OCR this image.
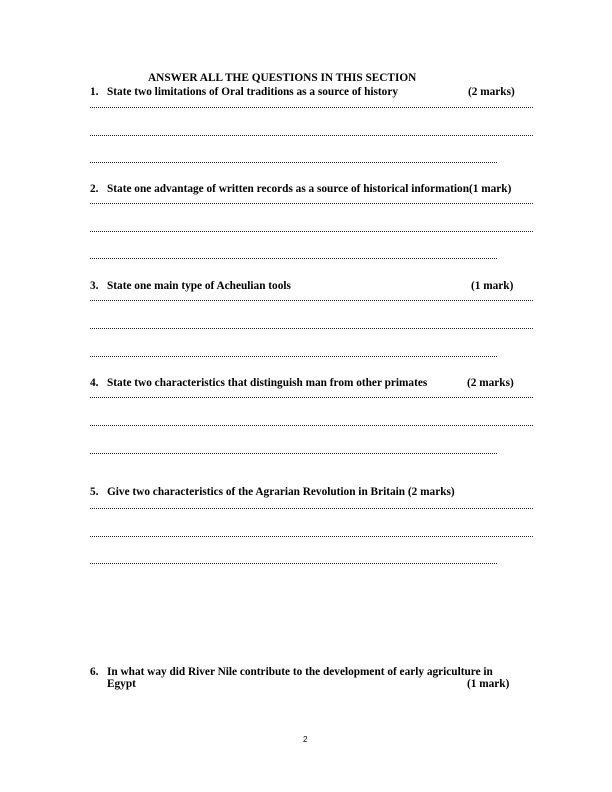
ANSWER ALL THE QUESTIONS IN THIS SECTION
1. State two limitations of Oral traditions as a source of history	(2 marks)
2. State one advantage of written records as a source of historical information(1 mark)
3. State one main type of Acheulian tools	(1 mark)
4. State two characteristics that distinguish man from other primates	(2 marks)
5. Give two characteristics of the Agrarian Revolution in Britain (2 marks)
6. In what way did River Nile contribute to the development of early agriculture in
Egypt	(1 mark)
2
